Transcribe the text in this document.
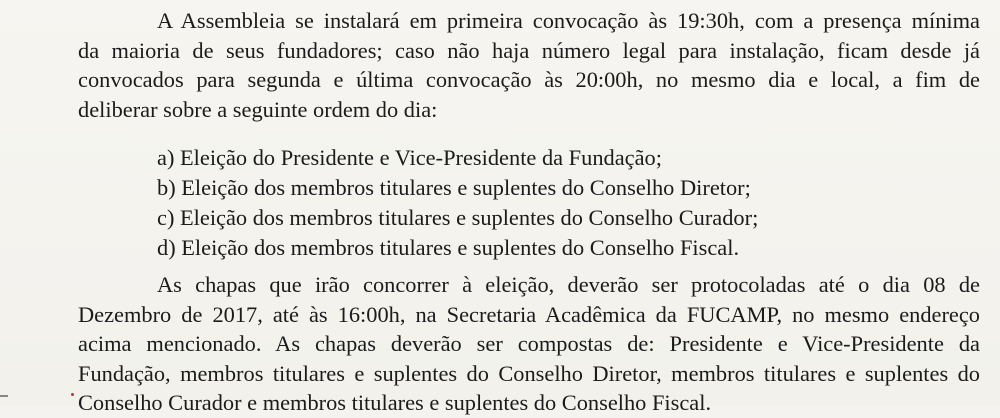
A Assembleia se instalará em primeira convocação às 19:30h, com a presença mínima
da maioria de seus fundadores; caso não haja número legal para instalação, ficam desde já
convocados para segunda e última convocação às 20:00h, no mesmo dia e local, a fim de
deliberar sobre a seguinte ordem do dia:
a) Eleição do Presidente e Vice-Presidente da Fundação;
b) Eleição dos membros titulares e suplentes do Conselho Diretor;
c) Eleição dos membros titulares e suplentes do Conselho Curador;
d) Eleição dos membros titulares e suplentes do Conselho Fiscal.
As chapas que irão concorrer à eleição, deverão ser protocoladas até o dia 08 de
Dezembro de 2017, até às 16:00h, na Secretaria Acadêmica da FUCAMP, no mesmo endereço
acima mencionado. As chapas deverão ser compostas de: Presidente e Vice-Presidente da
Fundação, membros titulares e suplentes do Conselho Diretor, membros titulares e suplentes do
Conselho Curador e membros titulares e suplentes do Conselho Fiscal.
